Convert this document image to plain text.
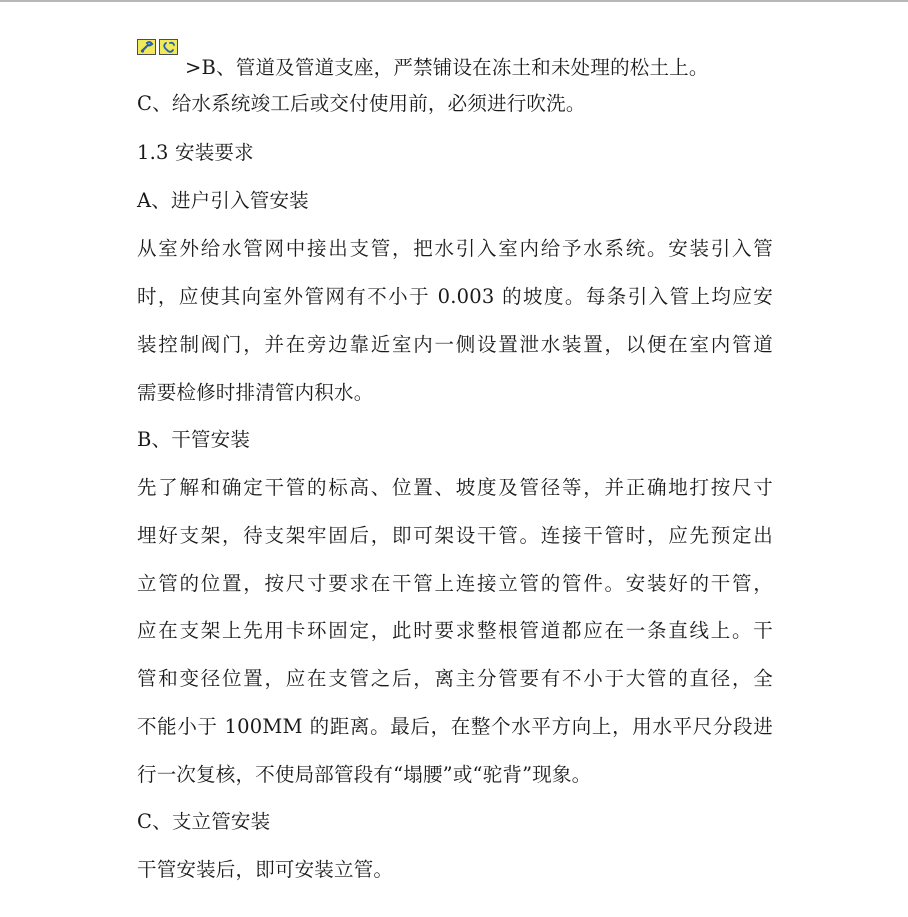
>B、管道及管道支座，严禁铺设在冻土和未处理的松土上。
C、给水系统竣工后或交付使用前，必须进行吹洗。
1.3 安装要求
A、进户引入管安装
从室外给水管网中接出支管，把水引入室内给予水系统。安装引入管
时，应使其向室外管网有不小于 0.003 的坡度。每条引入管上均应安
装控制阀门，并在旁边靠近室内一侧设置泄水装置，以便在室内管道
需要检修时排清管内积水。
B、干管安装
先了解和确定干管的标高、位置、坡度及管径等，并正确地打按尺寸
埋好支架，待支架牢固后，即可架设干管。连接干管时，应先预定出
立管的位置，按尺寸要求在干管上连接立管的管件。安装好的干管，
应在支架上先用卡环固定，此时要求整根管道都应在一条直线上。干
管和变径位置，应在支管之后，离主分管要有不小于大管的直径，全
不能小于 100MM 的距离。最后，在整个水平方向上，用水平尺分段进
行一次复核，不使局部管段有“塌腰”或“驼背”现象。
C、支立管安装
干管安装后，即可安装立管。
